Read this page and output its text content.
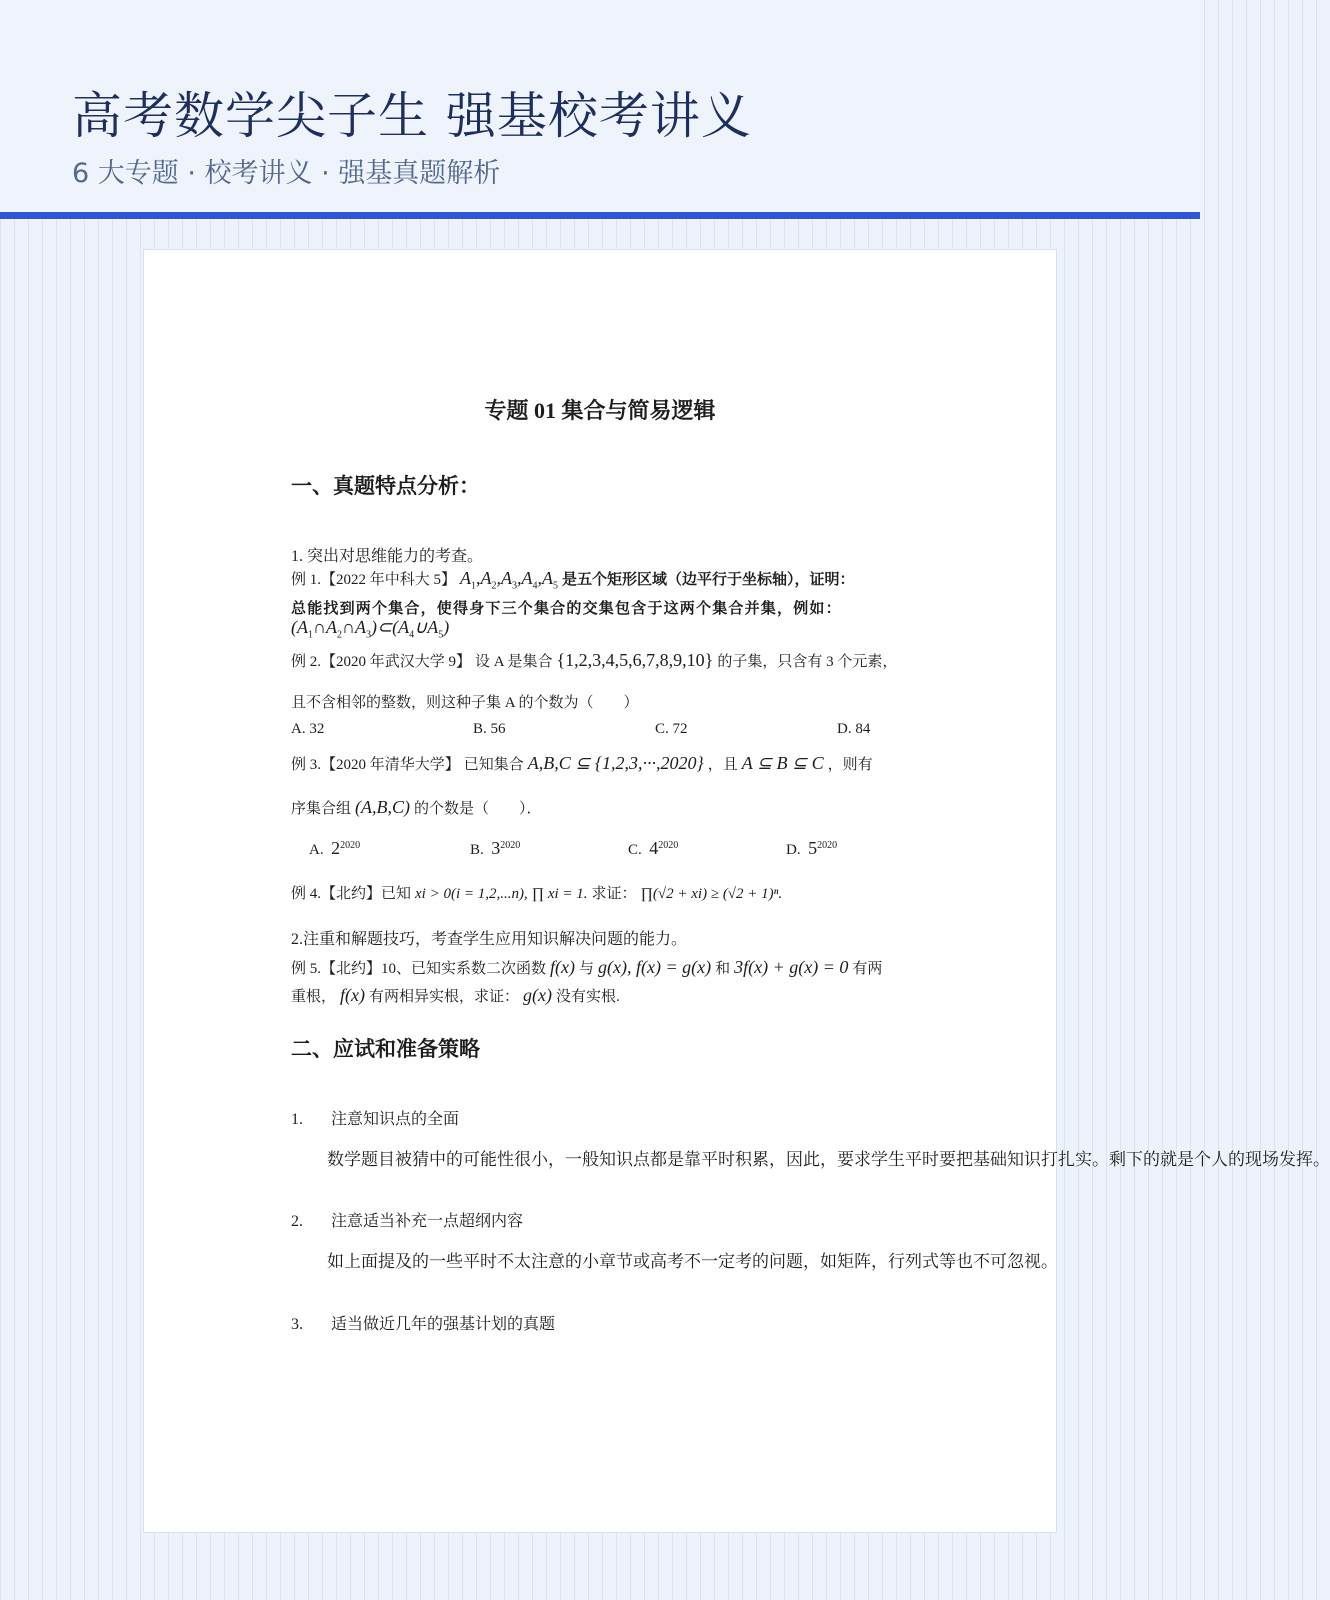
高考数学尖子生 强基校考讲义

6 大专题 · 校考讲义 · 强基真题解析

专题 01 集合与简易逻辑
一、真题特点分析：
1. 突出对思维能力的考查。
例 1.【2022 年中科大 5】 $A_1,A_2,A_3,A_4,A_5$ 是五个矩形区域（边平行于坐标轴），证明：
总能找到两个集合，使得身下三个集合的交集包含于这两个集合并集，例如：
$(A_1\cap A_2\cap A_3)\subset(A_4\cup A_5)$
例 2.【2020 年武汉大学 9】 设 A 是集合 {1,2,3,4,5,6,7,8,9,10} 的子集，只含有 3 个元素，
且不含相邻的整数，则这种子集 A 的个数为（　　）
A. 32	B. 56	C. 72	D. 84
例 3.【2020 年清华大学】 已知集合 A,B,C ⊆ {1,2,3,···,2020} ，且 A ⊆ B ⊆ C ，则有
序集合组 (A,B,C) 的个数是（　　）．
A. $2^{2020}$	B. $3^{2020}$	C. $4^{2020}$	D. $5^{2020}$
例 4.【北约】已知 xi > 0(i = 1,2,...n), ∏ xi = 1. 求证： ∏(√2 + xi) ≥ (√2 + 1)ⁿ.
2.注重和解题技巧，考查学生应用知识解决问题的能力。
例 5.【北约】10、已知实系数二次函数 f(x) 与 g(x), f(x) = g(x) 和 3f(x) + g(x) = 0 有两
重根， f(x) 有两相异实根，求证： g(x) 没有实根.
二、应试和准备策略
1. 注意知识点的全面
数学题目被猜中的可能性很小，一般知识点都是靠平时积累，因此，要求学生平时要把基础知识打扎实。剩下的就是个人的现场发挥。
2. 注意适当补充一点超纲内容
如上面提及的一些平时不太注意的小章节或高考不一定考的问题，如矩阵，行列式等也不可忽视。
3. 适当做近几年的强基计划的真题
